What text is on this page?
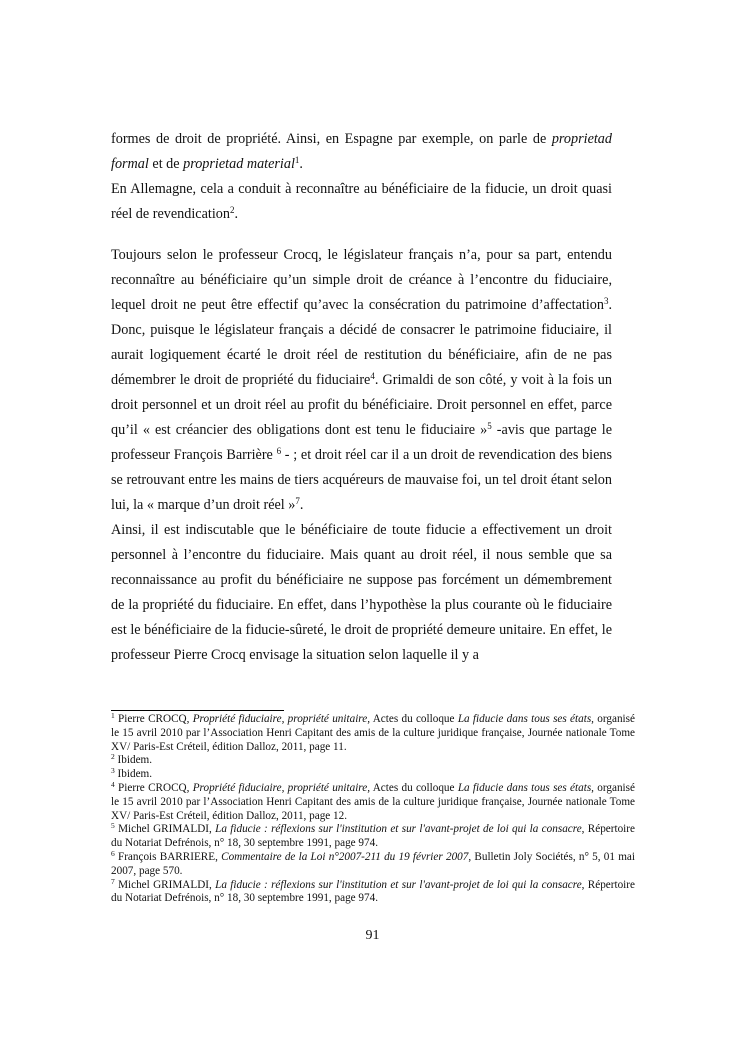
formes de droit de propriété. Ainsi, en Espagne par exemple, on parle de proprietad formal et de proprietad material$^1$.

En Allemagne, cela a conduit à reconnaître au bénéficiaire de la fiducie, un droit quasi réel de revendication$^2$.

Toujours selon le professeur Crocq, le législateur français n’a, pour sa part, entendu reconnaître au bénéficiaire qu’un simple droit de créance à l’encontre du fiduciaire, lequel droit ne peut être effectif qu’avec la consécration du patrimoine d’affectation$^3$. Donc, puisque le législateur français a décidé de consacrer le patrimoine fiduciaire, il aurait logiquement écarté le droit réel de restitution du bénéficiaire, afin de ne pas démembrer le droit de propriété du fiduciaire$^4$. Grimaldi de son côté, y voit à la fois un droit personnel et un droit réel au profit du bénéficiaire. Droit personnel en effet, parce qu’il « est créancier des obligations dont est tenu le fiduciaire »$^5$ -avis que partage le professeur François Barrière $^6$ - ; et droit réel car il a un droit de revendication des biens se retrouvant entre les mains de tiers acquéreurs de mauvaise foi, un tel droit étant selon lui, la « marque d’un droit réel »$^7$.

Ainsi, il est indiscutable que le bénéficiaire de toute fiducie a effectivement un droit personnel à l’encontre du fiduciaire. Mais quant au droit réel, il nous semble que sa reconnaissance au profit du bénéficiaire ne suppose pas forcément un démembrement de la propriété du fiduciaire. En effet, dans l’hypothèse la plus courante où le fiduciaire est le bénéficiaire de la fiducie-sûreté, le droit de propriété demeure unitaire. En effet, le professeur Pierre Crocq envisage la situation selon laquelle il y a

$^1$ Pierre CROCQ, Propriété fiduciaire, propriété unitaire, Actes du colloque La fiducie dans tous ses états, organisé le 15 avril 2010 par l’Association Henri Capitant des amis de la culture juridique française, Journée nationale Tome XV/ Paris-Est Créteil, édition Dalloz, 2011, page 11.

$^2$ Ibidem.

$^3$ Ibidem.

$^4$ Pierre CROCQ, Propriété fiduciaire, propriété unitaire, Actes du colloque La fiducie dans tous ses états, organisé le 15 avril 2010 par l’Association Henri Capitant des amis de la culture juridique française, Journée nationale Tome XV/ Paris-Est Créteil, édition Dalloz, 2011, page 12.

$^5$ Michel GRIMALDI, La fiducie : réflexions sur l'institution et sur l'avant-projet de loi qui la consacre, Répertoire du Notariat Defrénois, n° 18, 30 septembre 1991, page 974.

$^6$ François BARRIERE, Commentaire de la Loi n°2007-211 du 19 février 2007, Bulletin Joly Sociétés, n° 5, 01 mai 2007, page 570.

$^7$ Michel GRIMALDI, La fiducie : réflexions sur l'institution et sur l'avant-projet de loi qui la consacre, Répertoire du Notariat Defrénois, n° 18, 30 septembre 1991, page 974.

91
